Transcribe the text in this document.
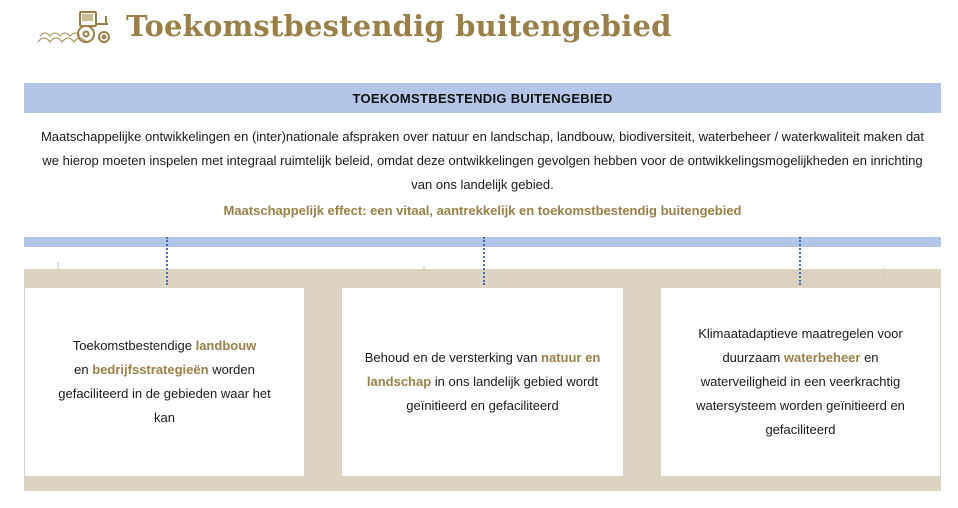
Toekomstbestendig buitengebied
TOEKOMSTBESTENDIG BUITENGEBIED
Maatschappelijke ontwikkelingen en (inter)nationale afspraken over natuur en landschap, landbouw, biodiversiteit, waterbeheer / waterkwaliteit maken dat we hierop moeten inspelen met integraal ruimtelijk beleid, omdat deze ontwikkelingen gevolgen hebben voor de ontwikkelingsmogelijkheden en inrichting van ons landelijk gebied.
Maatschappelijk effect: een vitaal, aantrekkelijk en toekomstbestendig buitengebied
Toekomstbestendige landbouw
en bedrijfsstrategieën worden gefaciliteerd in de gebieden waar het kan
Behoud en de versterking van natuur en landschap in ons landelijk gebied wordt geïnitieerd en gefaciliteerd
Klimaatadaptieve maatregelen voor duurzaam waterbeheer en waterveiligheid in een veerkrachtig watersysteem worden geïnitieerd en gefaciliteerd
